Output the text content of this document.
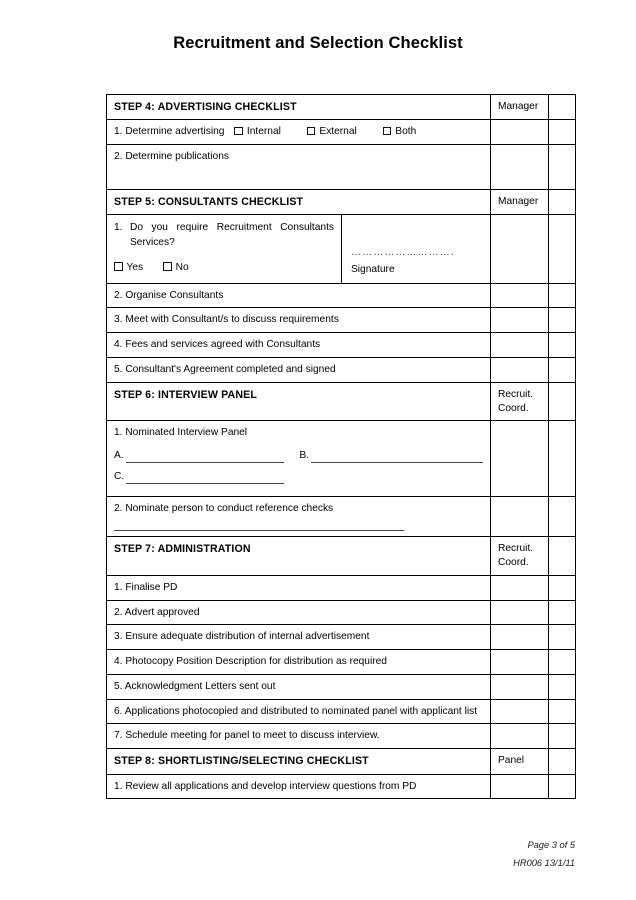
Recruitment and Selection Checklist
STEP 4: ADVERTISING CHECKLIST	Manager	
1. Determine advertising Internal External Both		
2. Determine publications		
STEP 5: CONSULTANTS CHECKLIST	Manager	

1. Do you require Recruitment Consultants Services?
Yes No
……………………….
Signature		

2. Organise Consultants		
3. Meet with Consultant/s to discuss requirements		
4. Fees and services agreed with Consultants		
5. Consultant's Agreement completed and signed		
STEP 6: INTERVIEW PANEL	Recruit.
Coord.	

1. Nominated Interview Panel
A. B.
C.		

2. Nominate person to conduct reference checks		

STEP 7: ADMINISTRATION	Recruit.
Coord.	

1. Finalise PD		
2. Advert approved		
3. Ensure adequate distribution of internal advertisement		
4. Photocopy Position Description for distribution as required		
5. Acknowledgment Letters sent out		
6. Applications photocopied and distributed to nominated panel with applicant list		
7. Schedule meeting for panel to meet to discuss interview.		
STEP 8: SHORTLISTING/SELECTING CHECKLIST	Panel	
1. Review all applications and develop interview questions from PD		
Page 3 of 5
HR006 13/1/11
